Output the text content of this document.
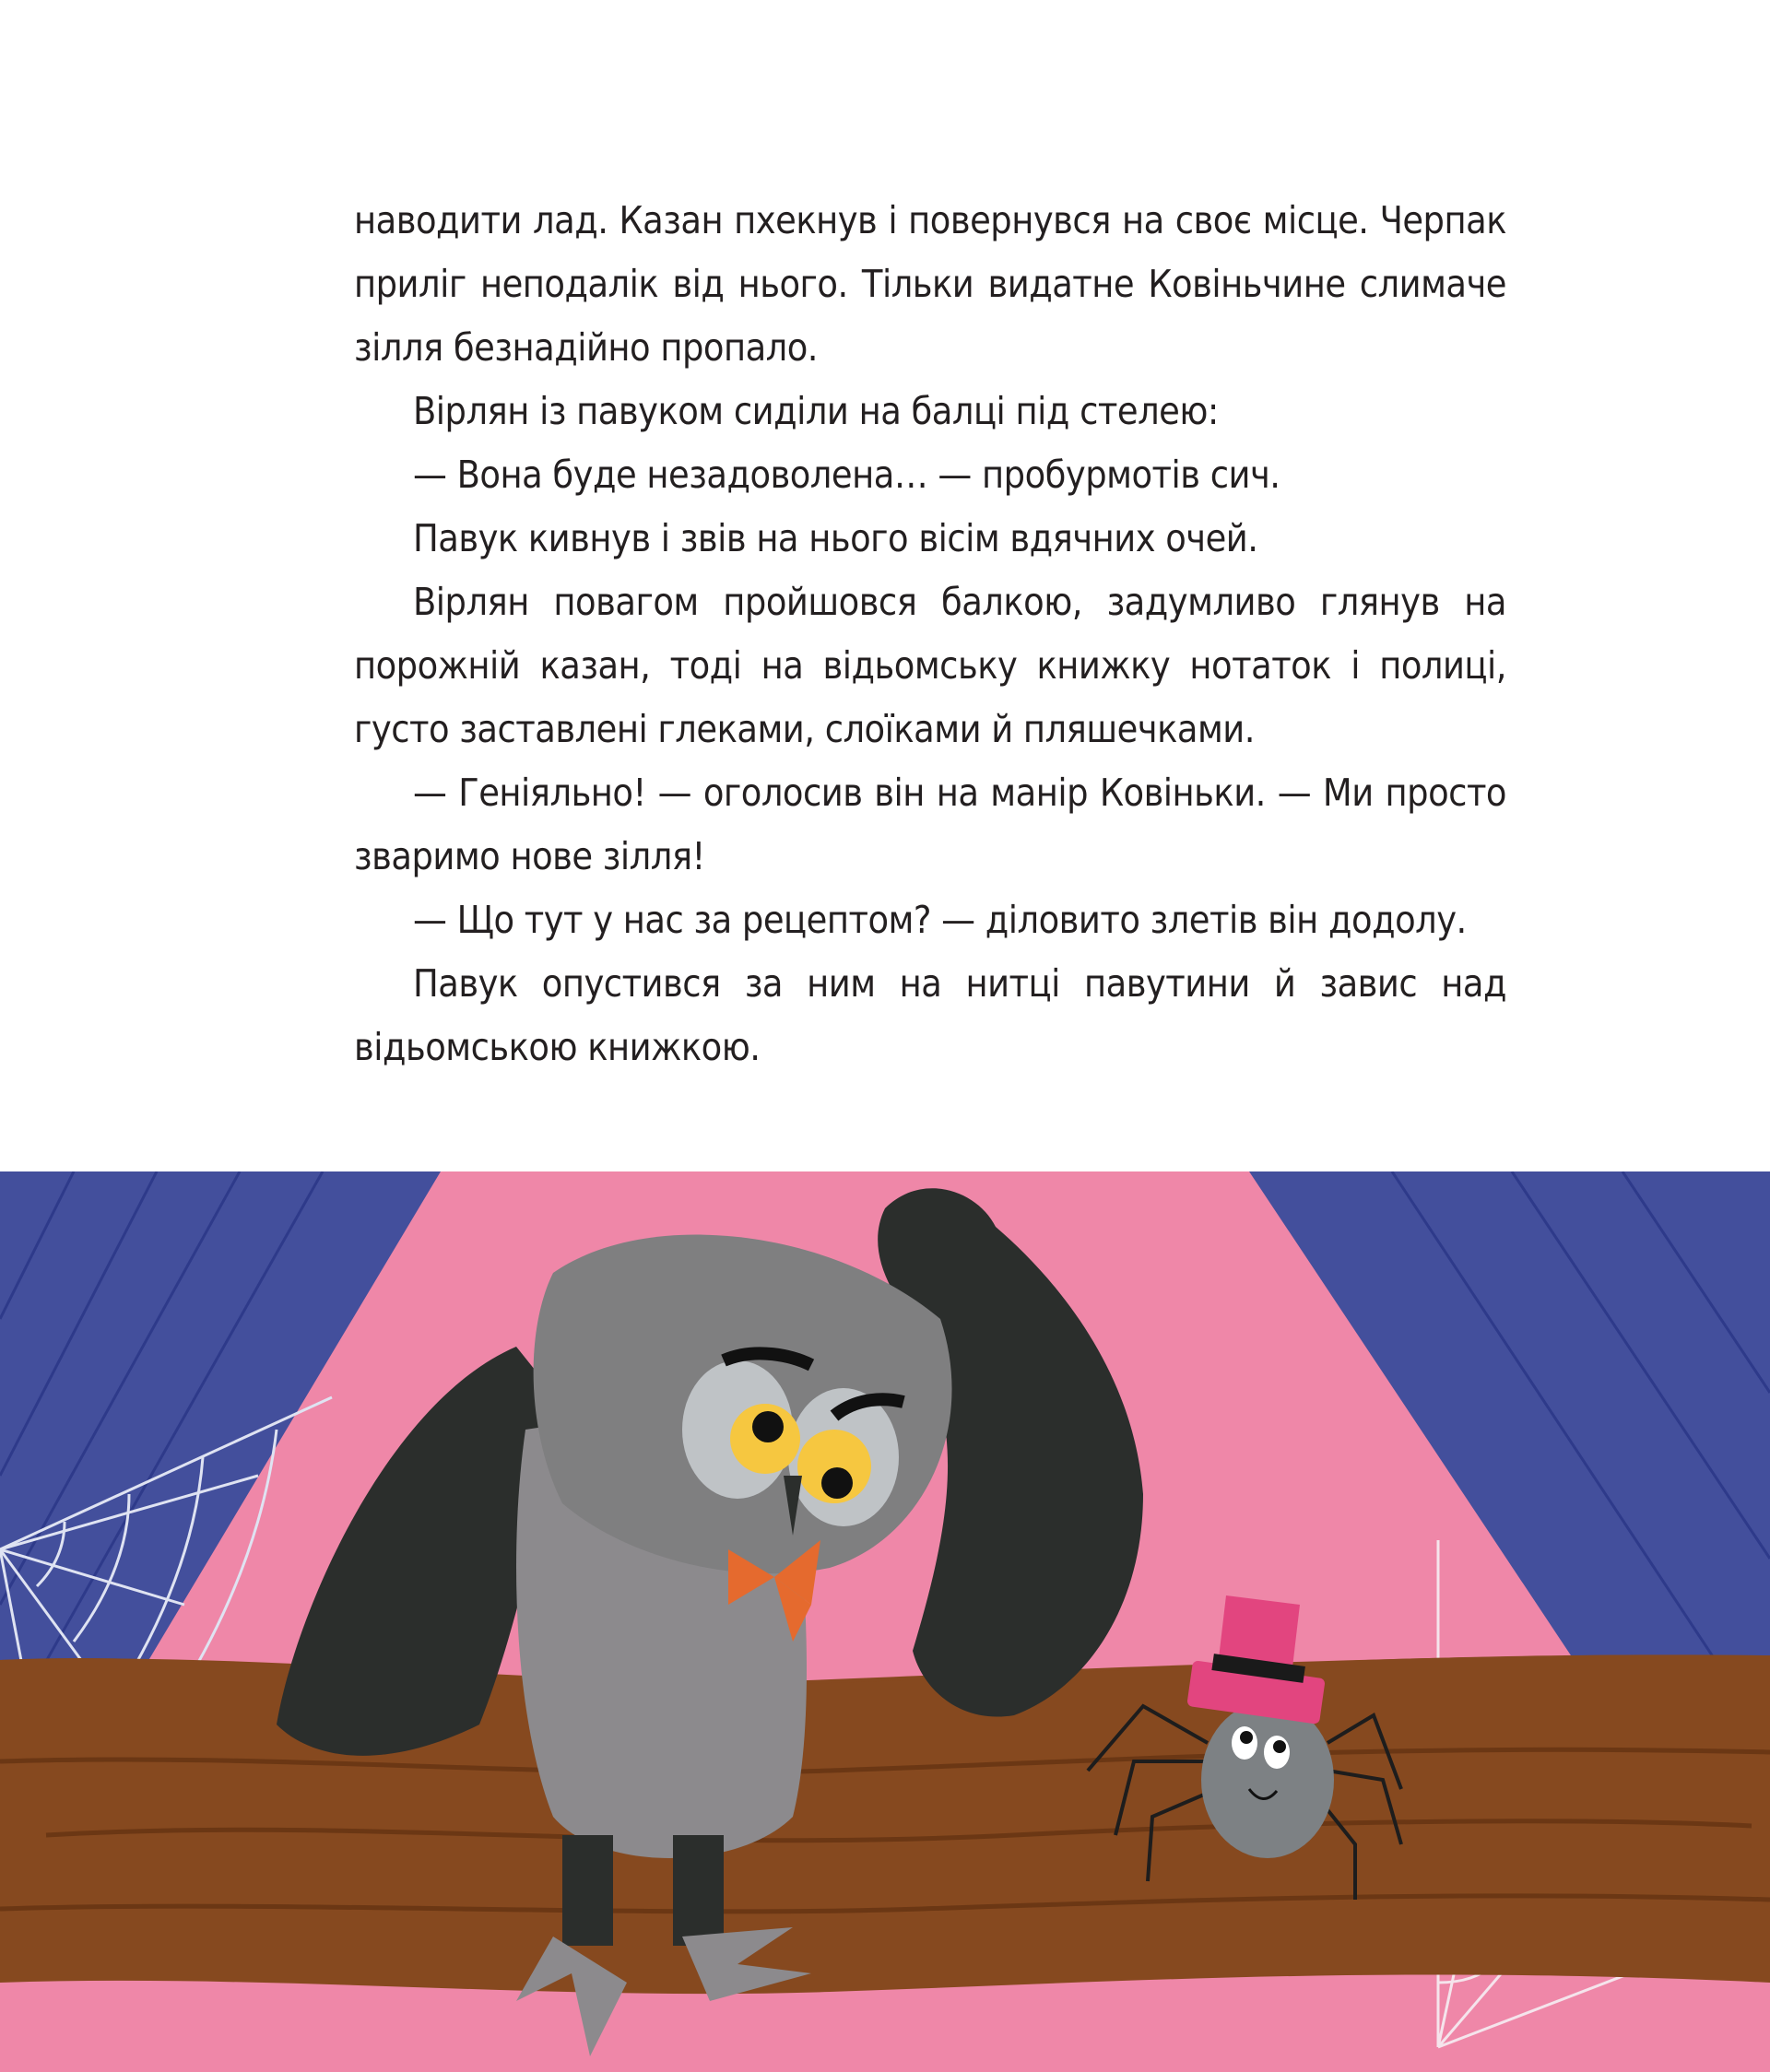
наводити лад. Казан пхекнув і повернувся на своє місце. Черпак приліг неподалік від нього. Тільки видатне Ковіньчине слимаче зілля безнадійно пропало.

Вірлян із павуком сиділи на балці під стелею:

— Вона буде незадоволена… — пробурмотів сич.

Павук кивнув і звів на нього вісім вдячних очей.

Вірлян повагом пройшовся балкою, задумливо глянув на порожній казан, тоді на відьомську книжку нотаток і полиці, густо заставлені глеками, слоїками й пляшечками.

— Геніяльно! — оголосив він на манір Ковіньки. — Ми просто зваримо нове зілля!

— Що тут у нас за рецептом? — діловито злетів він додолу.

Павук опустився за ним на нитці павутини й завис над відьомською книжкою.
